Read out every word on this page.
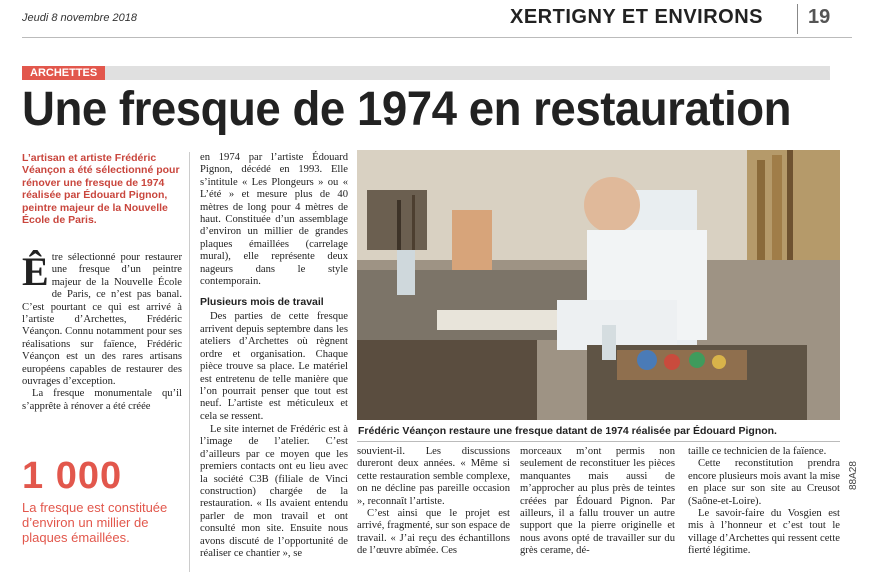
Jeudi 8 novembre 2018	XERTIGNY ET ENVIRONS 19
ARCHETTES
Une fresque de 1974 en restauration
L’artisan et artiste Frédéric Véançon a été sélectionné pour rénover une fresque de 1974 réalisée par Édouard Pignon, peintre majeur de la Nouvelle École de Paris.

Être sélectionné pour restaurer une fresque d’un peintre majeur de la Nouvelle École de Paris, ce n’est pas banal. C’est pourtant ce qui est arrivé à l’artiste d’Archettes, Frédéric Véançon. Connu notamment pour ses réalisations sur faïence, Frédéric Véançon est un des rares artisans européens capables de restaurer des ouvrages d’exception.

La fresque monumentale qu’il s’apprête à rénover a été créée

1 000
La fresque est constituée d’environ un millier de plaques émaillées.

en 1974 par l’artiste Édouard Pignon, décédé en 1993. Elle s’intitule « Les Plongeurs » ou « L’été » et mesure plus de 40 mètres de long pour 4 mètres de haut. Constituée d’un assemblage d’environ un millier de grandes plaques émaillées (carrelage mural), elle représente deux nageurs dans le style contemporain.

Plusieurs mois de travail

Des parties de cette fresque arrivent depuis septembre dans les ateliers d’Archettes où règnent ordre et organisation. Chaque pièce trouve sa place. Le matériel est entretenu de telle manière que l’on pourrait penser que tout est neuf. L’artiste est méticuleux et cela se ressent.

Le site internet de Frédéric est à l’image de l’atelier. C’est d’ailleurs par ce moyen que les premiers contacts ont eu lieu avec la société C3B (filiale de Vinci construction) chargée de la restauration. « Ils avaient entendu parler de mon travail et ont consulté mon site. Ensuite nous avons discuté de l’opportunité de réaliser ce chantier », se

Frédéric Véançon restaure une fresque datant de 1974 réalisée par Édouard Pignon.

souvient-il. Les discussions dureront deux années. « Même si cette restauration semble complexe, on ne décline pas pareille occasion », reconnaît l’artiste.

C’est ainsi que le projet est arrivé, fragmenté, sur son espace de travail. « J’ai reçu des échantillons de l’œuvre abîmée. Ces

morceaux m’ont permis non seulement de reconstituer les pièces manquantes mais aussi de m’approcher au plus près de teintes créées par Édouard Pignon. Par ailleurs, il a fallu trouver un autre support que la pierre originelle et nous avons opté de travailler sur du grès cerame, dé-

taille ce technicien de la faïence.

Cette reconstitution prendra encore plusieurs mois avant la mise en place sur son site au Creusot (Saône-et-Loire).

Le savoir-faire du Vosgien est mis à l’honneur et c’est tout le village d’Archettes qui ressent cette fierté légitime.

88A28
